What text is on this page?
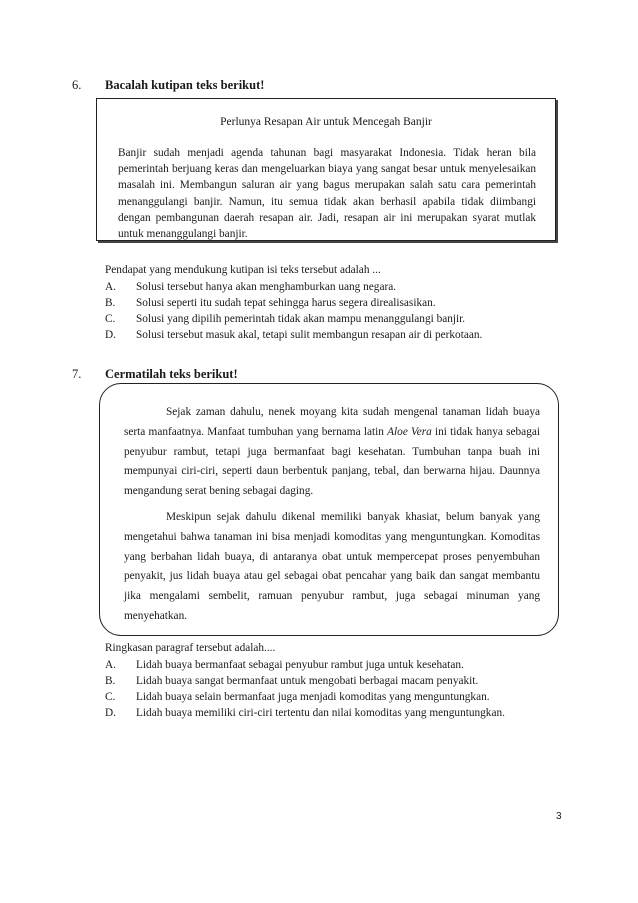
6. Bacalah kutipan teks berikut!
Perlunya Resapan Air untuk Mencegah Banjir
Banjir sudah menjadi agenda tahunan bagi masyarakat Indonesia. Tidak heran bila pemerintah berjuang keras dan mengeluarkan biaya yang sangat besar untuk menyelesaikan masalah ini. Membangun saluran air yang bagus merupakan salah satu cara pemerintah menanggulangi banjir. Namun, itu semua tidak akan berhasil apabila tidak diimbangi dengan pembangunan daerah resapan air. Jadi, resapan air ini merupakan syarat mutlak untuk menanggulangi banjir.
Pendapat yang mendukung kutipan isi teks tersebut adalah ...
A. Solusi tersebut hanya akan menghamburkan uang negara.
B. Solusi seperti itu sudah tepat sehingga harus segera direalisasikan.
C. Solusi yang dipilih pemerintah tidak akan mampu menanggulangi banjir.
D. Solusi tersebut masuk akal, tetapi sulit membangun resapan air di perkotaan.
7. Cermatilah teks berikut!

Sejak zaman dahulu, nenek moyang kita sudah mengenal tanaman lidah buaya serta manfaatnya. Manfaat tumbuhan yang bernama latin Aloe Vera ini tidak hanya sebagai penyubur rambut, tetapi juga bermanfaat bagi kesehatan. Tumbuhan tanpa buah ini mempunyai ciri-ciri, seperti daun berbentuk panjang, tebal, dan berwarna hijau. Daunnya mengandung serat bening sebagai daging.

Meskipun sejak dahulu dikenal memiliki banyak khasiat, belum banyak yang mengetahui bahwa tanaman ini bisa menjadi komoditas yang menguntungkan. Komoditas yang berbahan lidah buaya, di antaranya obat untuk mempercepat proses penyembuhan penyakit, jus lidah buaya atau gel sebagai obat pencahar yang baik dan sangat membantu jika mengalami sembelit, ramuan penyubur rambut, juga sebagai minuman yang menyehatkan.

Ringkasan paragraf tersebut adalah....
A. Lidah buaya bermanfaat sebagai penyubur rambut juga untuk kesehatan.
B. Lidah buaya sangat bermanfaat untuk mengobati berbagai macam penyakit.
C. Lidah buaya selain bermanfaat juga menjadi komoditas yang menguntungkan.
D. Lidah buaya memiliki ciri-ciri tertentu dan nilai komoditas yang menguntungkan.
3
